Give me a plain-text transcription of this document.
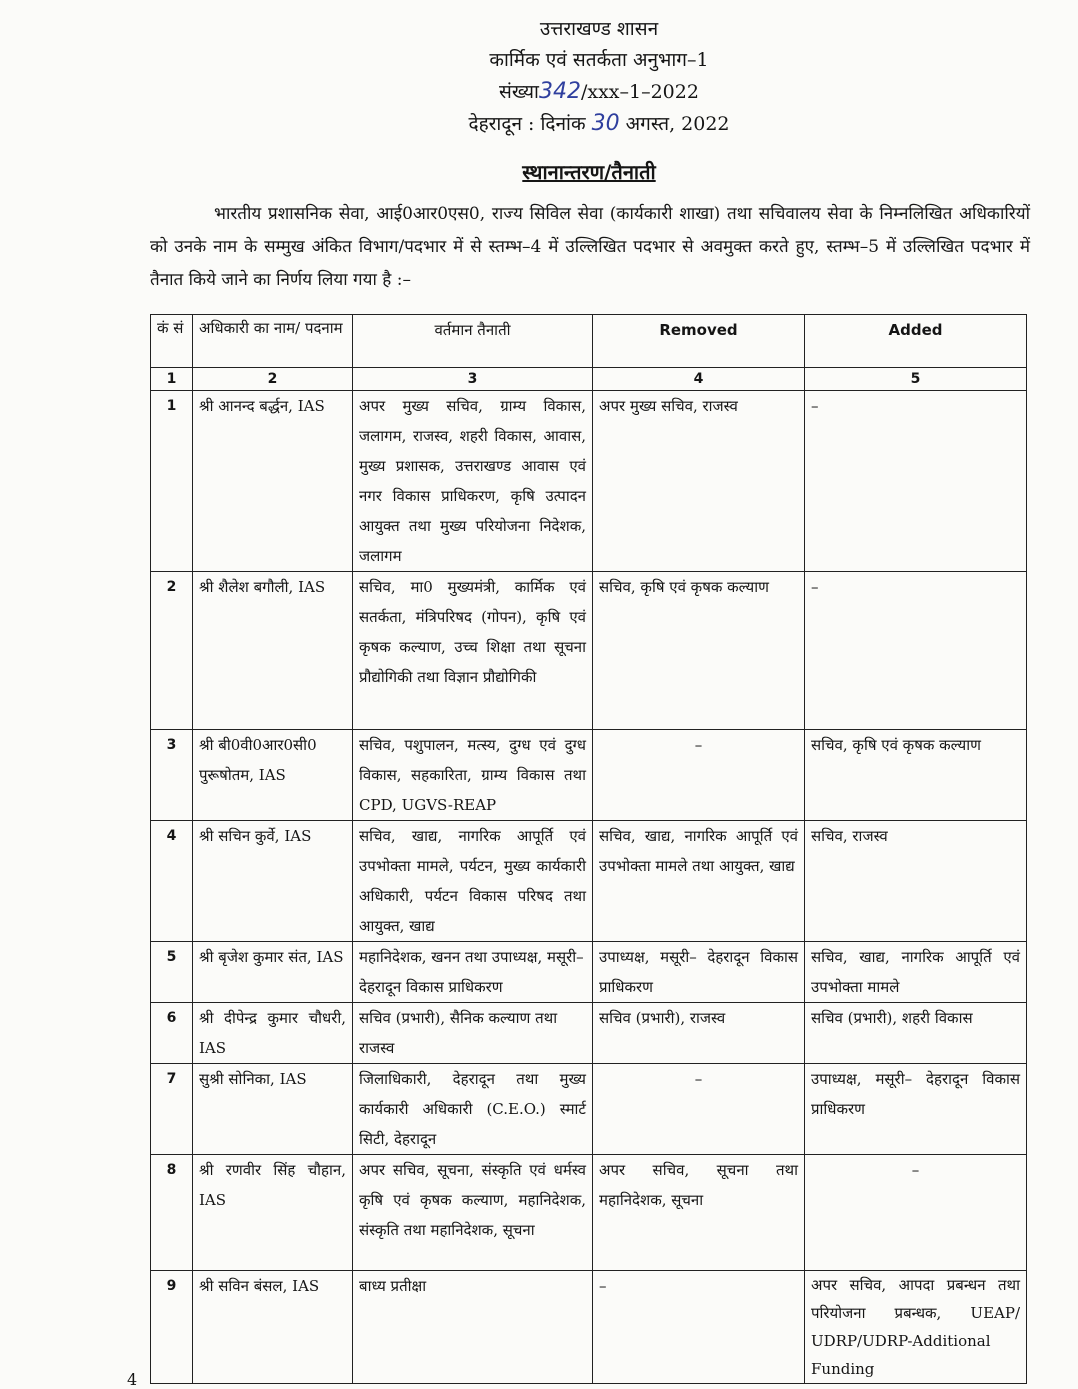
उत्तराखण्ड शासन
कार्मिक एवं सतर्कता अनुभाग–1
संख्या342/xxx–1–2022
देहरादून : दिनांक 30 अगस्त, 2022
स्थानान्तरण/तैनाती
भारतीय प्रशासनिक सेवा, आई0आर0एस0, राज्य सिविल सेवा (कार्यकारी शाखा) तथा सचिवालय सेवा के निम्नलिखित अधिकारियों को उनके नाम के सम्मुख अंकित विभाग/पदभार में से स्तम्भ–4 में उल्लिखित पदभार से अवमुक्त करते हुए, स्तम्भ–5 में उल्लिखित पदभार में तैनात किये जाने का निर्णय लिया गया है :–
कं सं	अधिकारी का नाम/ पदनाम	वर्तमान तैनाती	Removed	Added
1	2	3	4	5
1	श्री आनन्द बर्द्धन, IAS	अपर मुख्य सचिव, ग्राम्य विकास, जलागम, राजस्व, शहरी विकास, आवास, मुख्य प्रशासक, उत्तराखण्ड आवास एवं नगर विकास प्राधिकरण, कृषि उत्पादन आयुक्त तथा मुख्य परियोजना निदेशक, जलागम	अपर मुख्य सचिव, राजस्व	–
2	श्री शैलेश बगौली, IAS	सचिव, मा0 मुख्यमंत्री, कार्मिक एवं सतर्कता, मंत्रिपरिषद (गोपन), कृषि एवं कृषक कल्याण, उच्च शिक्षा तथा सूचना प्रौद्योगिकी तथा विज्ञान प्रौद्योगिकी	सचिव, कृषि एवं कृषक कल्याण	–
3	श्री बी0वी0आर0सी0 पुरूषोतम, IAS	सचिव, पशुपालन, मत्स्य, दुग्ध एवं दुग्ध विकास, सहकारिता, ग्राम्य विकास तथा CPD, UGVS-REAP	–	सचिव, कृषि एवं कृषक कल्याण
4	श्री सचिन कुर्वे, IAS	सचिव, खाद्य, नागरिक आपूर्ति एवं उपभोक्ता मामले, पर्यटन, मुख्य कार्यकारी अधिकारी, पर्यटन विकास परिषद तथा आयुक्त, खाद्य	सचिव, खाद्य, नागरिक आपूर्ति एवं उपभोक्ता मामले तथा आयुक्त, खाद्य	सचिव, राजस्व
5	श्री बृजेश कुमार संत, IAS	महानिदेशक, खनन तथा उपाध्यक्ष, मसूरी–देहरादून विकास प्राधिकरण	उपाध्यक्ष, मसूरी– देहरादून विकास प्राधिकरण	सचिव, खाद्य, नागरिक आपूर्ति एवं उपभोक्ता मामले
6	श्री दीपेन्द्र कुमार चौधरी, IAS	सचिव (प्रभारी), सैनिक कल्याण तथा राजस्व	सचिव (प्रभारी), राजस्व	सचिव (प्रभारी), शहरी विकास
7	सुश्री सोनिका, IAS	जिलाधिकारी, देहरादून तथा मुख्य कार्यकारी अधिकारी (C.E.O.) स्मार्ट सिटी, देहरादून	–	उपाध्यक्ष, मसूरी– देहरादून विकास प्राधिकरण
8	श्री रणवीर सिंह चौहान, IAS	अपर सचिव, सूचना, संस्कृति एवं धर्मस्व कृषि एवं कृषक कल्याण, महानिदेशक, संस्कृति तथा महानिदेशक, सूचना	अपर सचिव, सूचना तथा महानिदेशक, सूचना	–
9	श्री सविन बंसल, IAS	बाध्य प्रतीक्षा	–	अपर सचिव, आपदा प्रबन्धन तथा परियोजना प्रबन्धक, UEAP/ UDRP/UDRP-Additional Funding
4
